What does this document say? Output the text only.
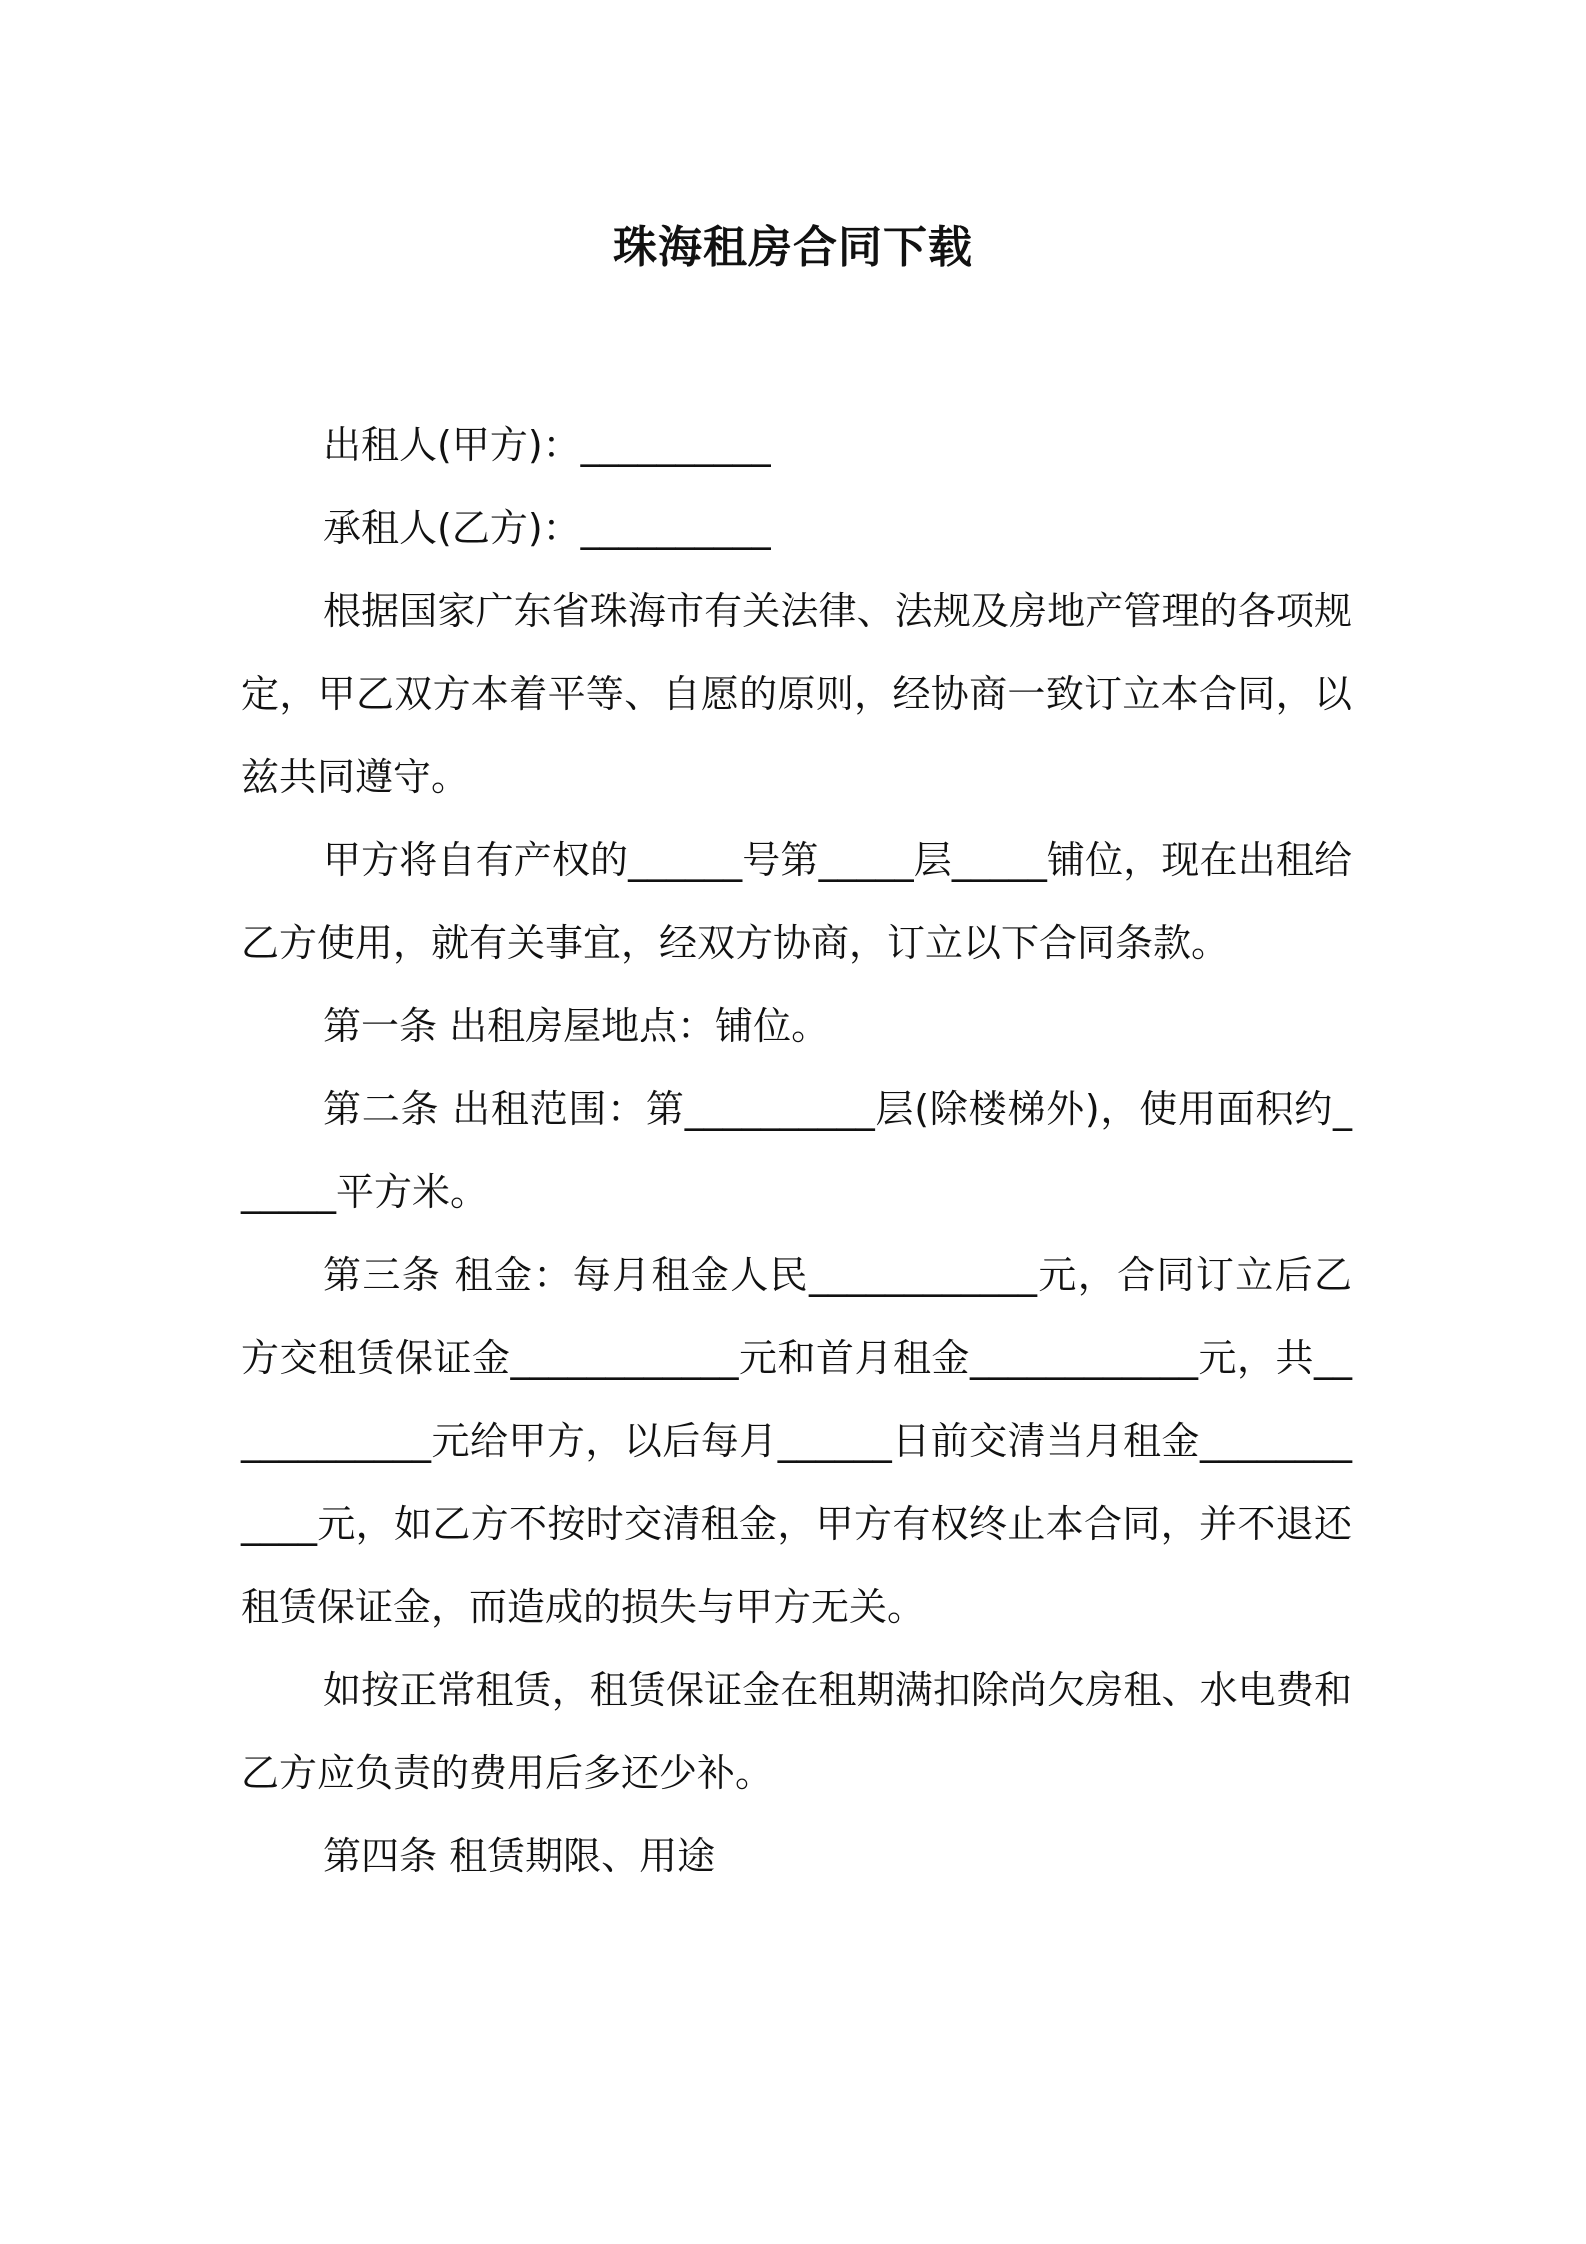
珠海租房合同下载

出租人(甲方)：__________

承租人(乙方)：__________

根据国家广东省珠海市有关法律、法规及房地产管理的各项规定，甲乙双方本着平等、自愿的原则，经协商一致订立本合同，以兹共同遵守。

甲方将自有产权的______号第_____层_____铺位，现在出租给乙方使用，就有关事宜，经双方协商，订立以下合同条款。

第一条 出租房屋地点：铺位。

第二条 出租范围：第__________层(除楼梯外)，使用面积约______平方米。

第三条 租金：每月租金人民____________元，合同订立后乙方交租赁保证金____________元和首月租金____________元，共____________元给甲方，以后每月______日前交清当月租金____________元，如乙方不按时交清租金，甲方有权终止本合同，并不退还租赁保证金，而造成的损失与甲方无关。

如按正常租赁，租赁保证金在租期满扣除尚欠房租、水电费和乙方应负责的费用后多还少补。

第四条 租赁期限、用途
